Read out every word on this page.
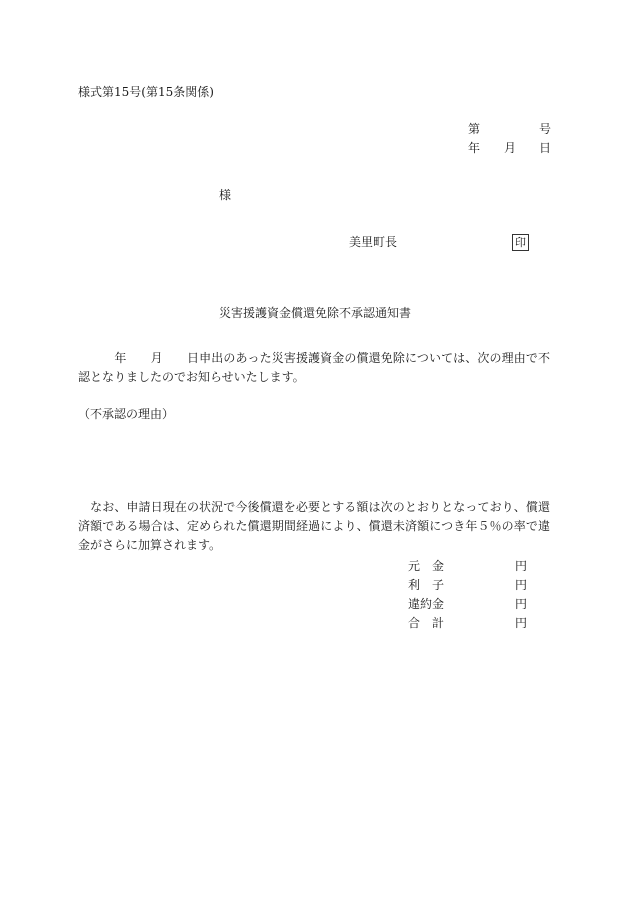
様式第15号(第15条関係)
第	号
年 月 日
様
美里町長	印
災害援護資金償還免除不承認通知書
　　　年　　月　　日申出のあった災害援護資金の償還免除については、次の理由で不
認となりましたのでお知らせいたします。
（不承認の理由）
　なお、申請日現在の状況で今後償還を必要とする額は次のとおりとなっており、償還
済額である場合は、定められた償還期間経過により、償還未済額につき年５％の率で違
金がさらに加算されます。
元　金	円
利　子	円
違約金	円
合　計	円
